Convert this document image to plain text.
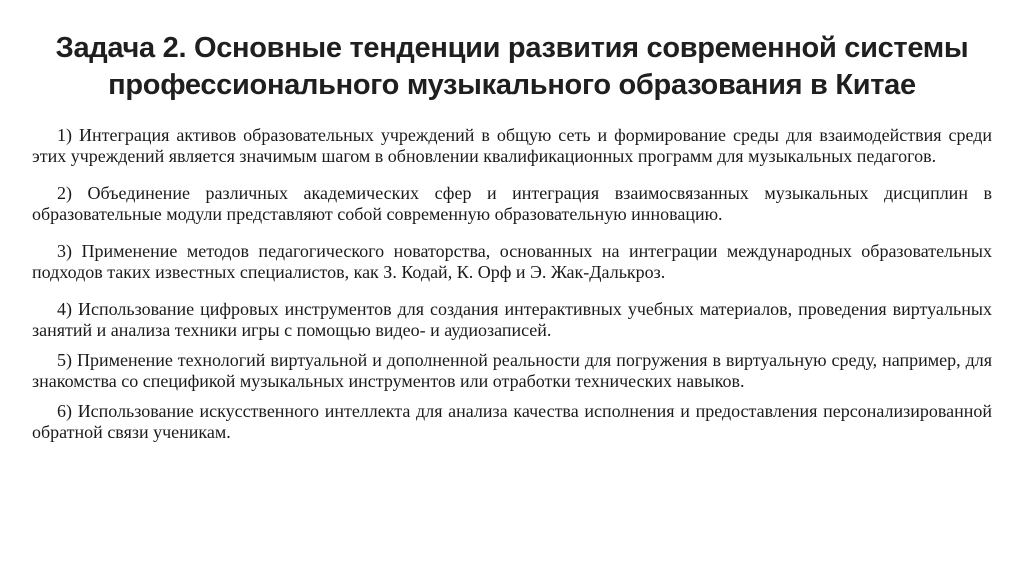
Задача 2. Основные тенденции развития современной системы
профессионального музыкального образования в Китае

1) Интеграция активов образовательных учреждений в общую сеть и формирование среды для взаимодействия среди этих учреждений является значимым шагом в обновлении квалификационных программ для музыкальных педагогов.

2) Объединение различных академических сфер и интеграция взаимосвязанных музыкальных дисциплин в образовательные модули представляют собой современную образовательную инновацию.

3) Применение методов педагогического новаторства, основанных на интеграции международных образовательных подходов таких известных специалистов, как З. Кодай, К. Орф и Э. Жак-Далькроз.

4) Использование цифровых инструментов для создания интерактивных учебных материалов, проведения виртуальных занятий и анализа техники игры с помощью видео- и аудиозаписей.

5) Применение технологий виртуальной и дополненной реальности для погружения в виртуальную среду, например, для знакомства со спецификой музыкальных инструментов или отработки технических навыков.

6) Использование искусственного интеллекта для анализа качества исполнения и предоставления персонализированной обратной связи ученикам.
